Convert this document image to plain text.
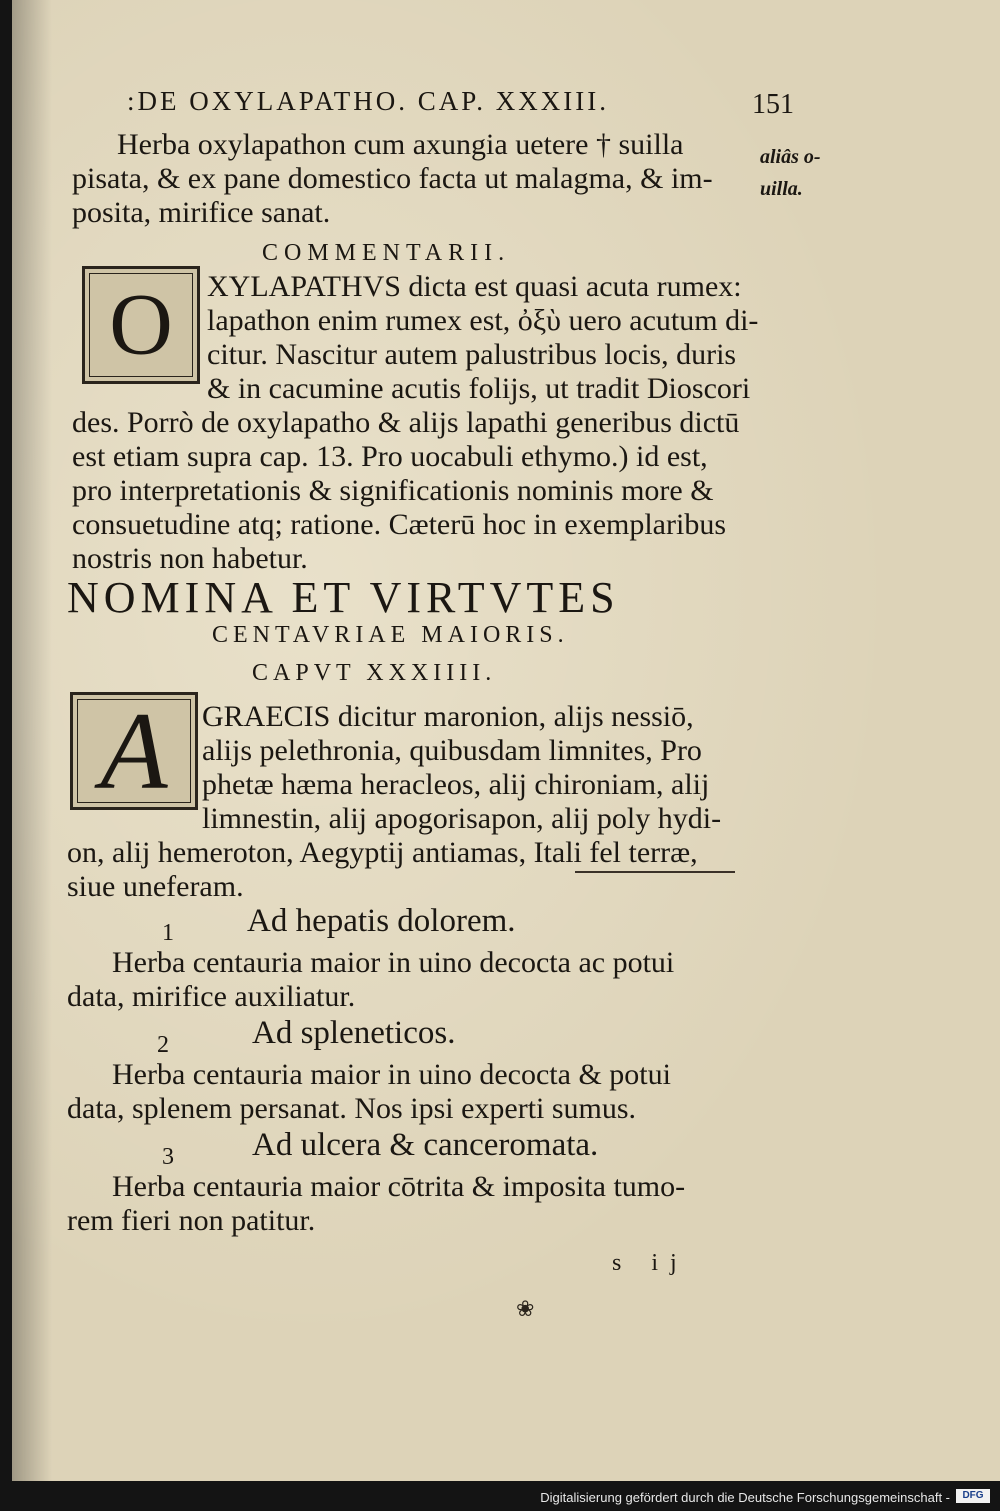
:DE OXYLAPATHO. CAP. XXXIII.	151
Herba oxylapathon cum axungia uetere † suilla
pisata, & ex pane domestico facta ut malagma, & im-
posita, mirifice sanat.
aliâs o-
uilla.
COMMENTARII.
O	XYLAPATHVS dicta est quasi acuta rumex:
lapathon enim rumex est, ὀξὺ uero acutum di-
citur. Nascitur autem palustribus locis, duris
& in cacumine acutis folijs, ut tradit Dioscori
des. Porrò de oxylapatho & alijs lapathi generibus dictū
est etiam supra cap. 13. Pro uocabuli ethymo.) id est,
pro interpretationis & significationis nominis more &
consuetudine atq; ratione. Cæterū hoc in exemplaribus
nostris non habetur.
NOMINA ET VIRTVTES
CENTAVRIAE MAIORIS.
CAPVT XXXIIII.
A	GRAECIS dicitur maronion, alijs nessiō,
alijs pelethronia, quibusdam limnites, Pro
phetæ hæma heracleos, alij chironiam, alij
limnestin, alij apogorisapon, alij poly hydi-
on, alij hemeroton, Aegyptij antiamas, Itali fel terræ,
siue uneferam.
1 Ad hepatis dolorem.
Herba centauria maior in uino decocta ac potui
data, mirifice auxiliatur.
2	Ad spleneticos.
Herba centauria maior in uino decocta & potui
data, splenem persanat. Nos ipsi experti sumus.
3 Ad ulcera & canceromata.
Herba centauria maior cōtrita & imposita tumo-
rem fieri non patitur.
s ij
❀
Digitalisierung gefördert durch die Deutsche Forschungsgemeinschaft -	DFG
